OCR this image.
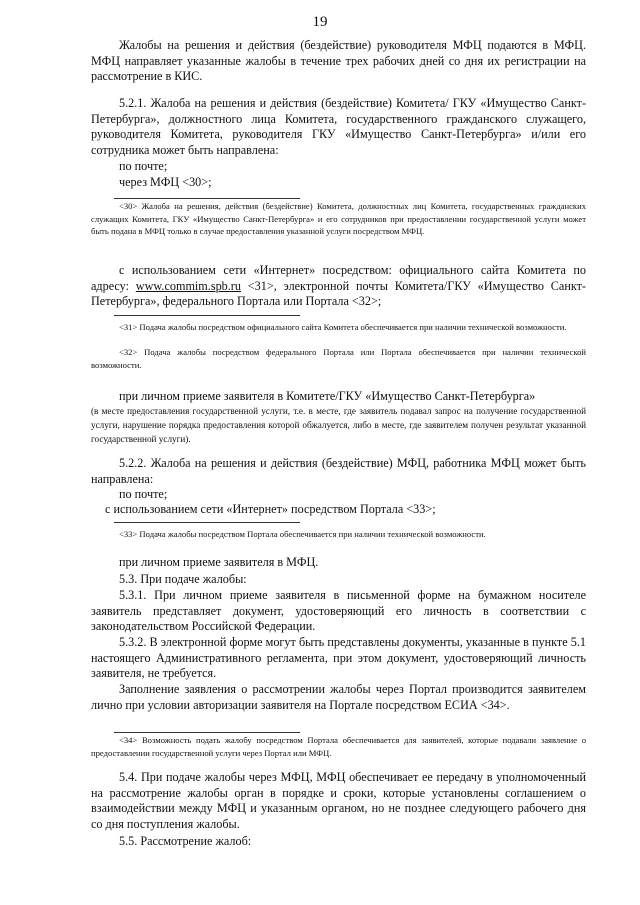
19

Жалобы на решения и действия (бездействие) руководителя МФЦ подаются в МФЦ. МФЦ направляет указанные жалобы в течение трех рабочих дней со дня их регистрации на рассмотрение в КИС.

5.2.1. Жалоба на решения и действия (бездействие) Комитета/ ГКУ «Имущество Санкт-Петербурга», должностного лица Комитета, государственного гражданского служащего, руководителя Комитета, руководителя ГКУ «Имущество Санкт-Петербурга» и/или его сотрудника может быть направлена:

по почте;

через МФЦ <30>;

<30> Жалоба на решения, действия (бездействие) Комитета, должностных лиц Комитета, государственных гражданских служащих Комитета, ГКУ «Имущество Санкт-Петербурга» и его сотрудников при предоставлении государственной услуги может быть подана в МФЦ только в случае предоставления указанной услуги посредством МФЦ.

с использованием сети «Интернет» посредством: официального сайта Комитета по адресу: www.commim.spb.ru <31>, электронной почты Комитета/ГКУ «Имущество Санкт-Петербурга», федерального Портала или Портала <32>;

<31> Подача жалобы посредством официального сайта Комитета обеспечивается при наличии технической возможности.

<32> Подача жалобы посредством федерального Портала или Портала обеспечивается при наличии технической возможности.

при личном приеме заявителя в Комитете/ГКУ «Имущество Санкт-Петербурга»

(в месте предоставления государственной услуги, т.е. в месте, где заявитель подавал запрос на получение государственной услуги, нарушение порядка предоставления которой обжалуется, либо в месте, где заявителем получен результат указанной государственной услуги).

5.2.2. Жалоба на решения и действия (бездействие) МФЦ, работника МФЦ может быть направлена:

по почте;

с использованием сети «Интернет» посредством Портала <33>;

<33> Подача жалобы посредством Портала обеспечивается при наличии технической возможности.

при личном приеме заявителя в МФЦ.

5.3. При подаче жалобы:

5.3.1. При личном приеме заявителя в письменной форме на бумажном носителе заявитель представляет документ, удостоверяющий его личность в соответствии с законодательством Российской Федерации.

5.3.2. В электронной форме могут быть представлены документы, указанные в пункте 5.1 настоящего Административного регламента, при этом документ, удостоверяющий личность заявителя, не требуется.

Заполнение заявления о рассмотрении жалобы через Портал производится заявителем лично при условии авторизации заявителя на Портале посредством ЕСИА <34>.

<34> Возможность подать жалобу посредством Портала обеспечивается для заявителей, которые подавали заявление о предоставлении государственной услуги через Портал или МФЦ.

5.4. При подаче жалобы через МФЦ, МФЦ обеспечивает ее передачу в уполномоченный на рассмотрение жалобы орган в порядке и сроки, которые установлены соглашением о взаимодействии между МФЦ и указанным органом, но не позднее следующего рабочего дня со дня поступления жалобы.

5.5. Рассмотрение жалоб:
